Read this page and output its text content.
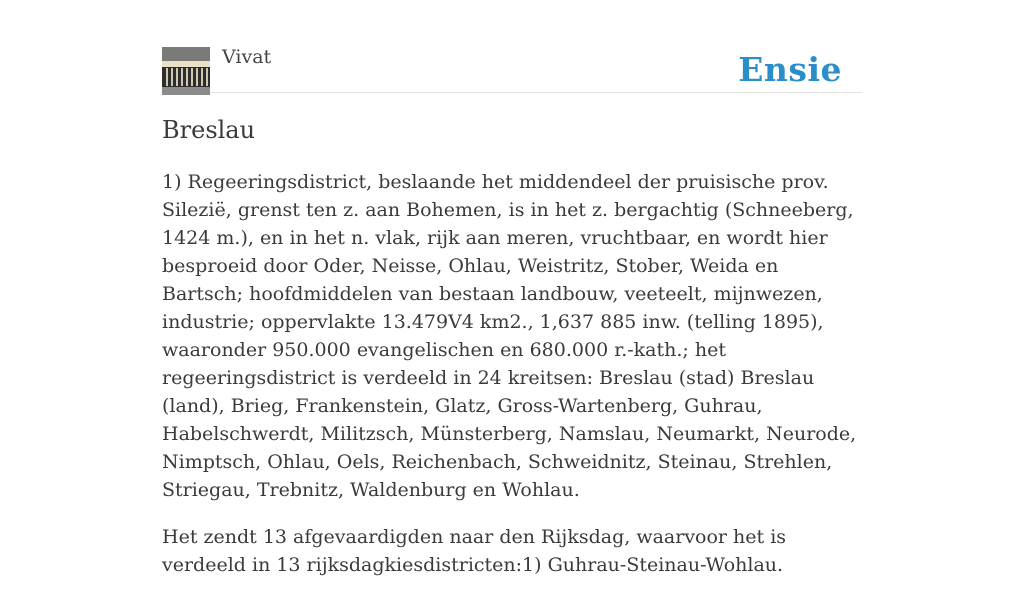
Vivat	Ensie
Breslau

1) Regeeringsdistrict, beslaande het middendeel der pruisische prov. Silezië, grenst ten z. aan Bohemen, is in het z. bergachtig (Schneeberg, 1424 m.), en in het n. vlak, rijk aan meren, vruchtbaar, en wordt hier besproeid door Oder, Neisse, Ohlau, Weistritz, Stober, Weida en Bartsch; hoofdmiddelen van bestaan landbouw, veeteelt, mijnwezen, industrie; oppervlakte 13.479V4 km2., 1,637 885 inw. (telling 1895), waaronder 950.000 evangelischen en 680.000 r.-kath.; het regeeringsdistrict is verdeeld in 24 kreitsen: Breslau (stad) Breslau (land), Brieg, Frankenstein, Glatz, Gross-Wartenberg, Guhrau, Habelschwerdt, Militzsch, Münsterberg, Namslau, Neumarkt, Neurode, Nimptsch, Ohlau, Oels, Reichenbach, Schweidnitz, Steinau, Strehlen, Striegau, Trebnitz, Waldenburg en Wohlau.

Het zendt 13 afgevaardigden naar den Rijksdag, waarvoor het is verdeeld in 13 rijksdagkiesdistricten:1) Guhrau-Steinau-Wohlau.
